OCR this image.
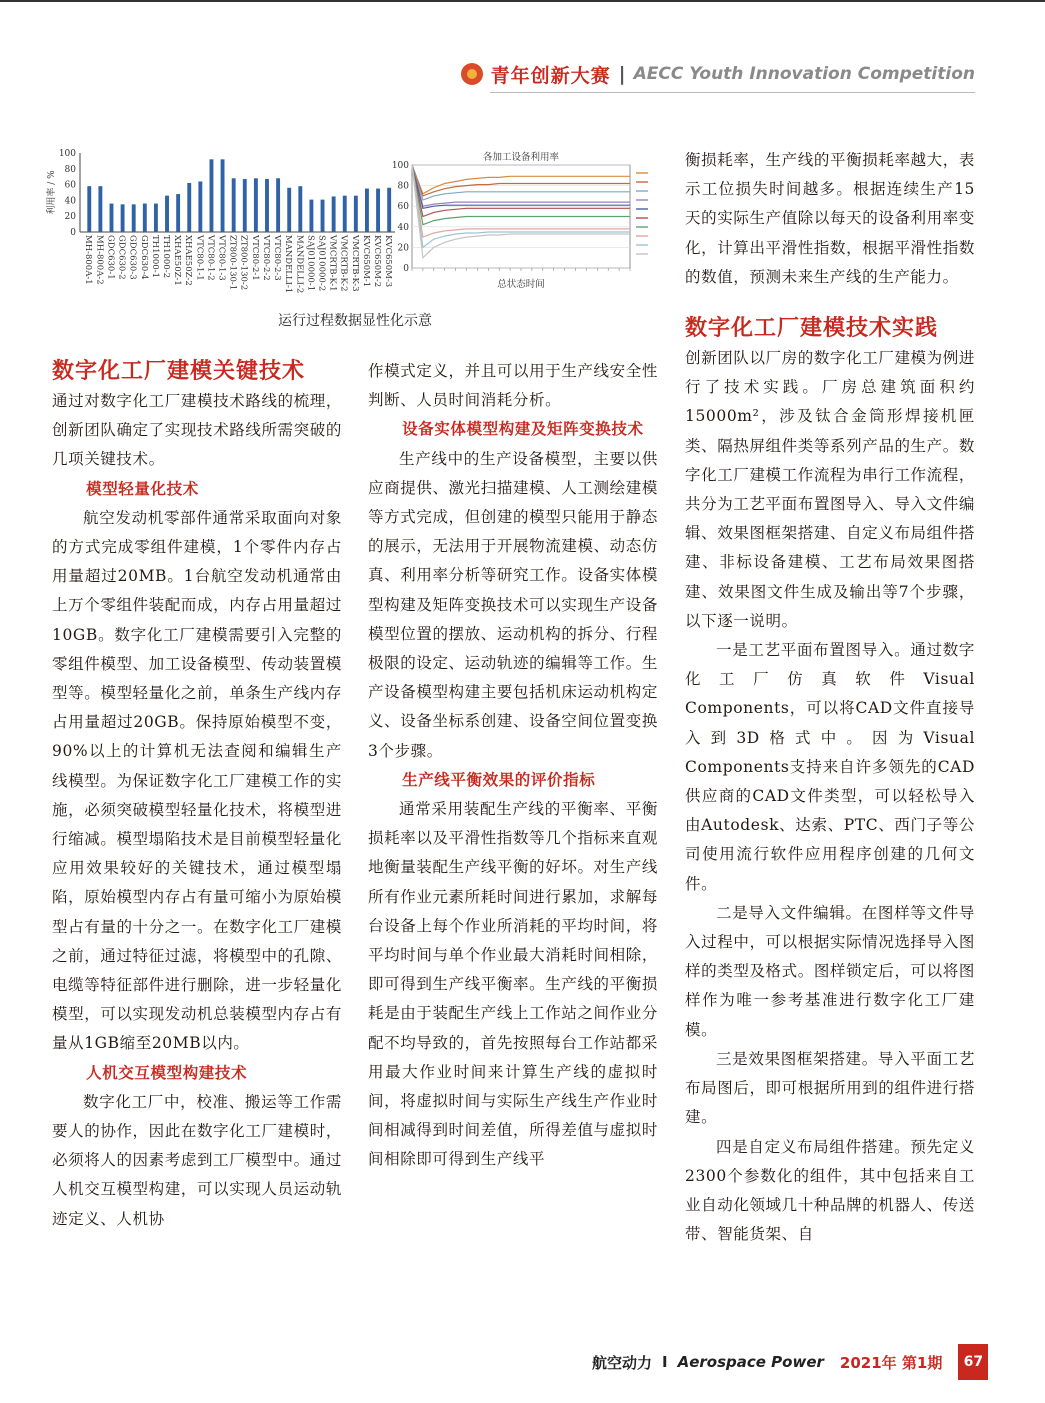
青年创新大赛 | AECC Youth Innovation Competition
100
80
60
40
20
0
利用率 / %
MH-800A-1 MH-800A-2 GDC630-1 GDC630-2 GDC630-3 GDC630-4 TH1000-1 TH1000-2 XHAE50Z-1 XHAE50Z-2 VTC80-1-1 VTC80-1-2 VTC80-1-3 ZT800-130-1 ZT800-130-2 VTC80-2-1 VTC80-2-2 VTC80-2-3 MANDELLI-1 MANDELLI-2 SAJ010000-1 SAJ010000-2 VMCRTB-K-1 VMCRTB-K-2 VMCRTB-K-3 KVC650M-1 KVC650M-2 KVC650M-3
各加工设备利用率
100
80
60
40
20
0
总状态时间
运行过程数据显性化示意
数字化工厂建模关键技术

通过对数字化工厂建模技术路线的梳理，创新团队确定了实现技术路线所需突破的几项关键技术。

模型轻量化技术

航空发动机零部件通常采取面向对象的方式完成零组件建模，1个零件内存占用量超过20MB。1台航空发动机通常由上万个零组件装配而成，内存占用量超过10GB。数字化工厂建模需要引入完整的零组件模型、加工设备模型、传动装置模型等。模型轻量化之前，单条生产线内存占用量超过20GB。保持原始模型不变，90%以上的计算机无法查阅和编辑生产线模型。为保证数字化工厂建模工作的实施，必须突破模型轻量化技术，将模型进行缩减。模型塌陷技术是目前模型轻量化应用效果较好的关键技术，通过模型塌陷，原始模型内存占有量可缩小为原始模型占有量的十分之一。在数字化工厂建模之前，通过特征过滤，将模型中的孔隙、电缆等特征部件进行删除，进一步轻量化模型，可以实现发动机总装模型内存占有量从1GB缩至20MB以内。

人机交互模型构建技术

数字化工厂中，校准、搬运等工作需要人的协作，因此在数字化工厂建模时，必须将人的因素考虑到工厂模型中。通过人机交互模型构建，可以实现人员运动轨迹定义、人机协

作模式定义，并且可以用于生产线安全性判断、人员时间消耗分析。

设备实体模型构建及矩阵变换技术

生产线中的生产设备模型，主要以供应商提供、激光扫描建模、人工测绘建模等方式完成，但创建的模型只能用于静态的展示，无法用于开展物流建模、动态仿真、利用率分析等研究工作。设备实体模型构建及矩阵变换技术可以实现生产设备模型位置的摆放、运动机构的拆分、行程极限的设定、运动轨迹的编辑等工作。生产设备模型构建主要包括机床运动机构定义、设备坐标系创建、设备空间位置变换3个步骤。

生产线平衡效果的评价指标

通常采用装配生产线的平衡率、平衡损耗率以及平滑性指数等几个指标来直观地衡量装配生产线平衡的好坏。对生产线所有作业元素所耗时间进行累加，求解每台设备上每个作业所消耗的平均时间，将平均时间与单个作业最大消耗时间相除，即可得到生产线平衡率。生产线的平衡损耗是由于装配生产线上工作站之间作业分配不均导致的，首先按照每台工作站都采用最大作业时间来计算生产线的虚拟时间，将虚拟时间与实际生产线生产作业时间相减得到时间差值，所得差值与虚拟时间相除即可得到生产线平

衡损耗率，生产线的平衡损耗率越大，表示工位损失时间越多。根据连续生产15天的实际生产值除以每天的设备利用率变化，计算出平滑性指数，根据平滑性指数的数值，预测未来生产线的生产能力。

数字化工厂建模技术实践

创新团队以厂房的数字化工厂建模为例进行了技术实践。厂房总建筑面积约15000m²，涉及钛合金筒形焊接机匣类、隔热屏组件类等系列产品的生产。数字化工厂建模工作流程为串行工作流程，共分为工艺平面布置图导入、导入文件编辑、效果图框架搭建、自定义布局组件搭建、非标设备建模、工艺布局效果图搭建、效果图文件生成及输出等7个步骤，以下逐一说明。

一是工艺平面布置图导入。通过数字化工厂仿真软件Visual Components，可以将CAD文件直接导入到3D格式中。因为Visual Components支持来自许多领先的CAD供应商的CAD文件类型，可以轻松导入由Autodesk、达索、PTC、西门子等公司使用流行软件应用程序创建的几何文件。

二是导入文件编辑。在图样等文件导入过程中，可以根据实际情况选择导入图样的类型及格式。图样锁定后，可以将图样作为唯一参考基准进行数字化工厂建模。

三是效果图框架搭建。导入平面工艺布局图后，即可根据所用到的组件进行搭建。

四是自定义布局组件搭建。预先定义2300个参数化的组件，其中包括来自工业自动化领域几十种品牌的机器人、传送带、智能货架、自

航空动力 I Aerospace Power 2021年 第1期	67
